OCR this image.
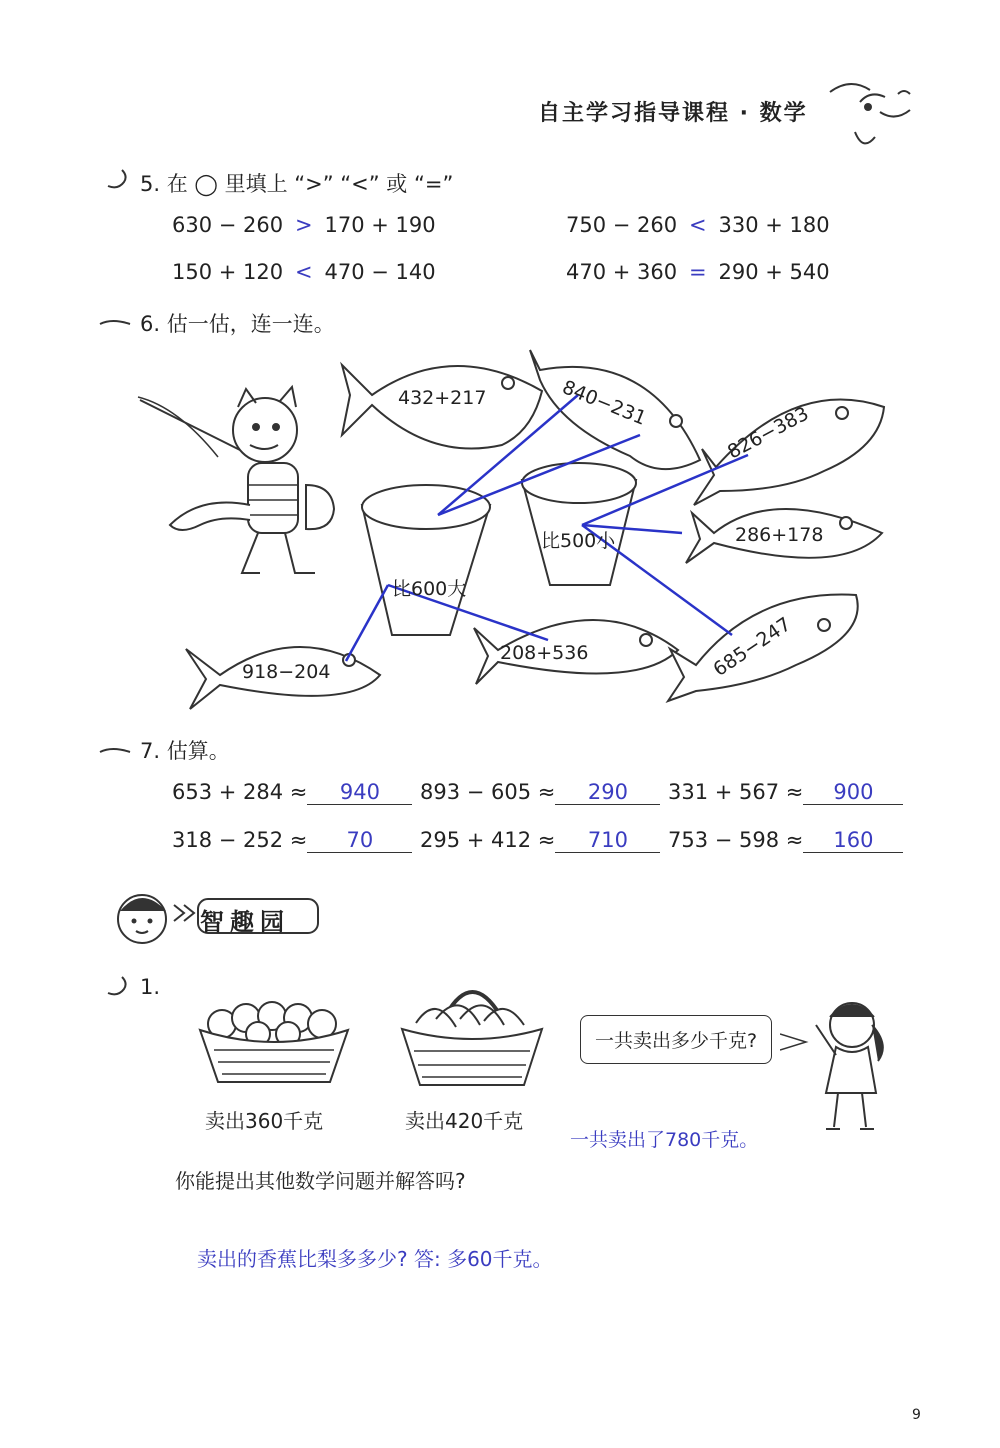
自主学习指导课程 · 数学
5. 在 ◯ 里填上 “>” “<” 或 “=”
630 − 260 > 170 + 190	750 − 260 < 330 + 180
150 + 120 < 470 − 140	470 + 360 = 290 + 540
6. 估一估，连一连。
432+217	840−231	826−383
286+178
918−204
208+536	685−247
比600大
比500小
7. 估算。
653 + 284 ≈ 940	893 − 605 ≈ 290	331 + 567 ≈ 900
318 − 252 ≈ 70	295 + 412 ≈ 710	753 − 598 ≈ 160
智趣园
1.
卖出360千克	卖出420千克
一共卖出多少千克?
一共卖出了780千克。
你能提出其他数学问题并解答吗?
卖出的香蕉比梨多多少? 答: 多60千克。
9
